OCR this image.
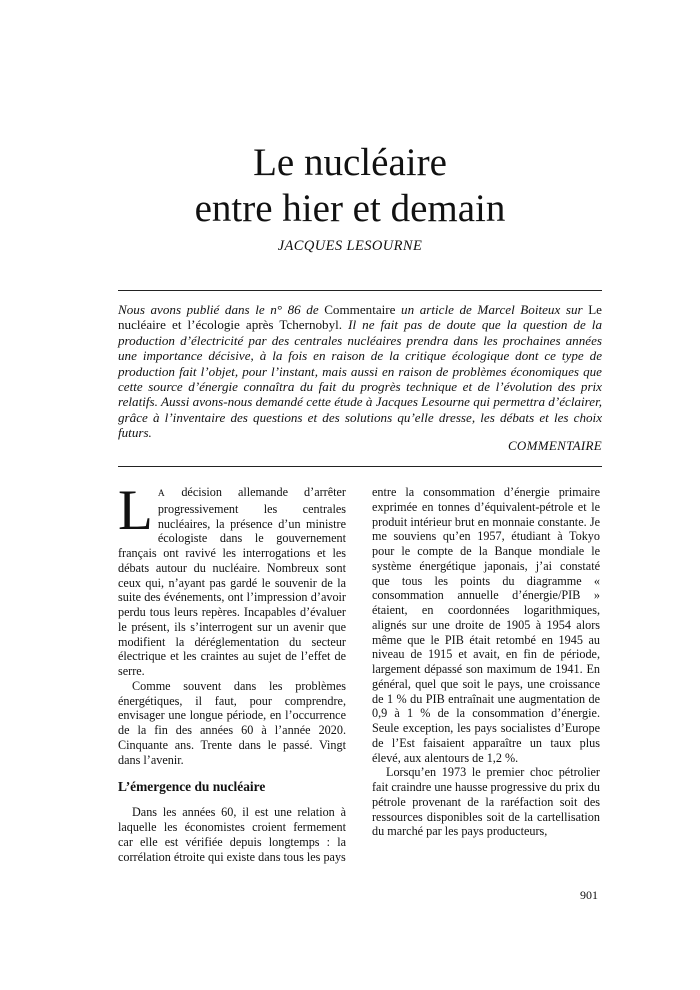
Le nucléaire
entre hier et demain
JACQUES LESOURNE

Nous avons publié dans le n° 86 de Commentaire un article de Marcel Boiteux sur Le nucléaire et l’écologie après Tchernobyl. Il ne fait pas de doute que la question de la production d’électricité par des centrales nucléaires prendra dans les prochaines années une importance décisive, à la fois en raison de la critique écologique dont ce type de production fait l’objet, pour l’instant, mais aussi en raison de problèmes économiques que cette source d’énergie connaîtra du fait du progrès technique et de l’évolution des prix relatifs. Aussi avons-nous demandé cette étude à Jacques Lesourne qui permettra d’éclairer, grâce à l’inventaire des questions et des solutions qu’elle dresse, les débats et les choix futurs.

COMMENTAIRE

L A décision allemande d’arrêter progressivement les centrales nucléaires, la présence d’un ministre écologiste dans le gouvernement français ont ravivé les interrogations et les débats autour du nucléaire. Nombreux sont ceux qui, n’ayant pas gardé le souvenir de la suite des événements, ont l’impression d’avoir perdu tous leurs repères. Incapables d’évaluer le présent, ils s’interrogent sur un avenir que modifient la déréglementation du secteur électrique et les craintes au sujet de l’effet de serre.

Comme souvent dans les problèmes énergétiques, il faut, pour comprendre, envisager une longue période, en l’occurrence de la fin des années 60 à l’année 2020. Cinquante ans. Trente dans le passé. Vingt dans l’avenir.

L’émergence du nucléaire

Dans les années 60, il est une relation à laquelle les économistes croient fermement car elle est vérifiée depuis longtemps : la corrélation étroite qui existe dans tous les pays

entre la consommation d’énergie primaire exprimée en tonnes d’équivalent-pétrole et le produit intérieur brut en monnaie constante. Je me souviens qu’en 1957, étudiant à Tokyo pour le compte de la Banque mondiale le système énergétique japonais, j’ai constaté que tous les points du diagramme « consommation annuelle d’énergie/PIB » étaient, en coordonnées logarithmiques, alignés sur une droite de 1905 à 1954 alors même que le PIB était retombé en 1945 au niveau de 1915 et avait, en fin de période, largement dépassé son maximum de 1941. En général, quel que soit le pays, une croissance de 1 % du PIB entraînait une augmentation de 0,9 à 1 % de la consommation d’énergie. Seule exception, les pays socialistes d’Europe de l’Est faisaient apparaître un taux plus élevé, aux alentours de 1,2 %.

Lorsqu’en 1973 le premier choc pétrolier fait craindre une hausse progressive du prix du pétrole provenant de la raréfaction soit des ressources disponibles soit de la cartellisation du marché par les pays producteurs,

901
